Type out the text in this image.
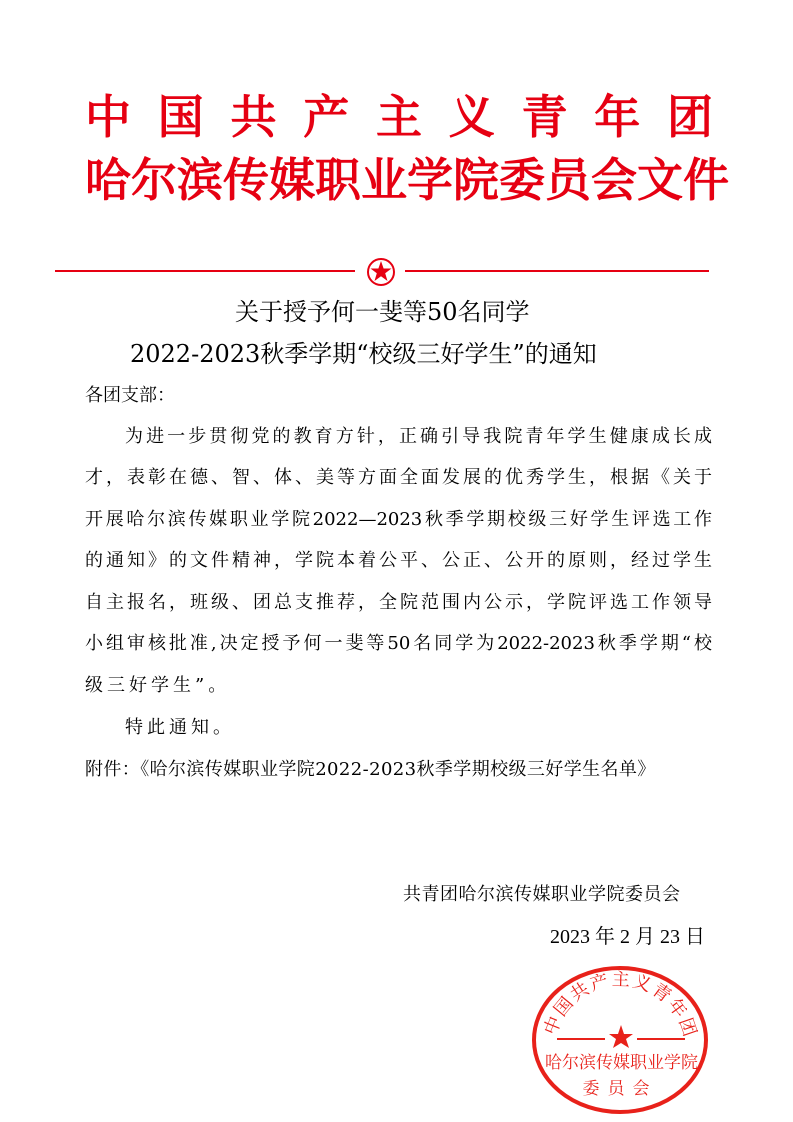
中国共产主义青年团
哈尔滨传媒职业学院委员会文件
关于授予何一斐等50名同学
2022-2023秋季学期“校级三好学生”的通知
各团支部：
为进一步贯彻党的教育方针，正确引导我院青年学生健康成长成
才，表彰在德、智、体、美等方面全面发展的优秀学生，根据《关于
开展哈尔滨传媒职业学院2022—2023秋季学期校级三好学生评选工作
的通知》的文件精神，学院本着公平、公正、公开的原则，经过学生
自主报名，班级、团总支推荐，全院范围内公示，学院评选工作领导
小组审核批准,决定授予何一斐等50名同学为2022-2023秋季学期“校
级三好学生”。
特此通知。
附件：《哈尔滨传媒职业学院2022-2023秋季学期校级三好学生名单》
共青团哈尔滨传媒职业学院委员会
2023 年 2 月 23 日
中国共产主义青年团
哈尔滨传媒职业学院
委员会
